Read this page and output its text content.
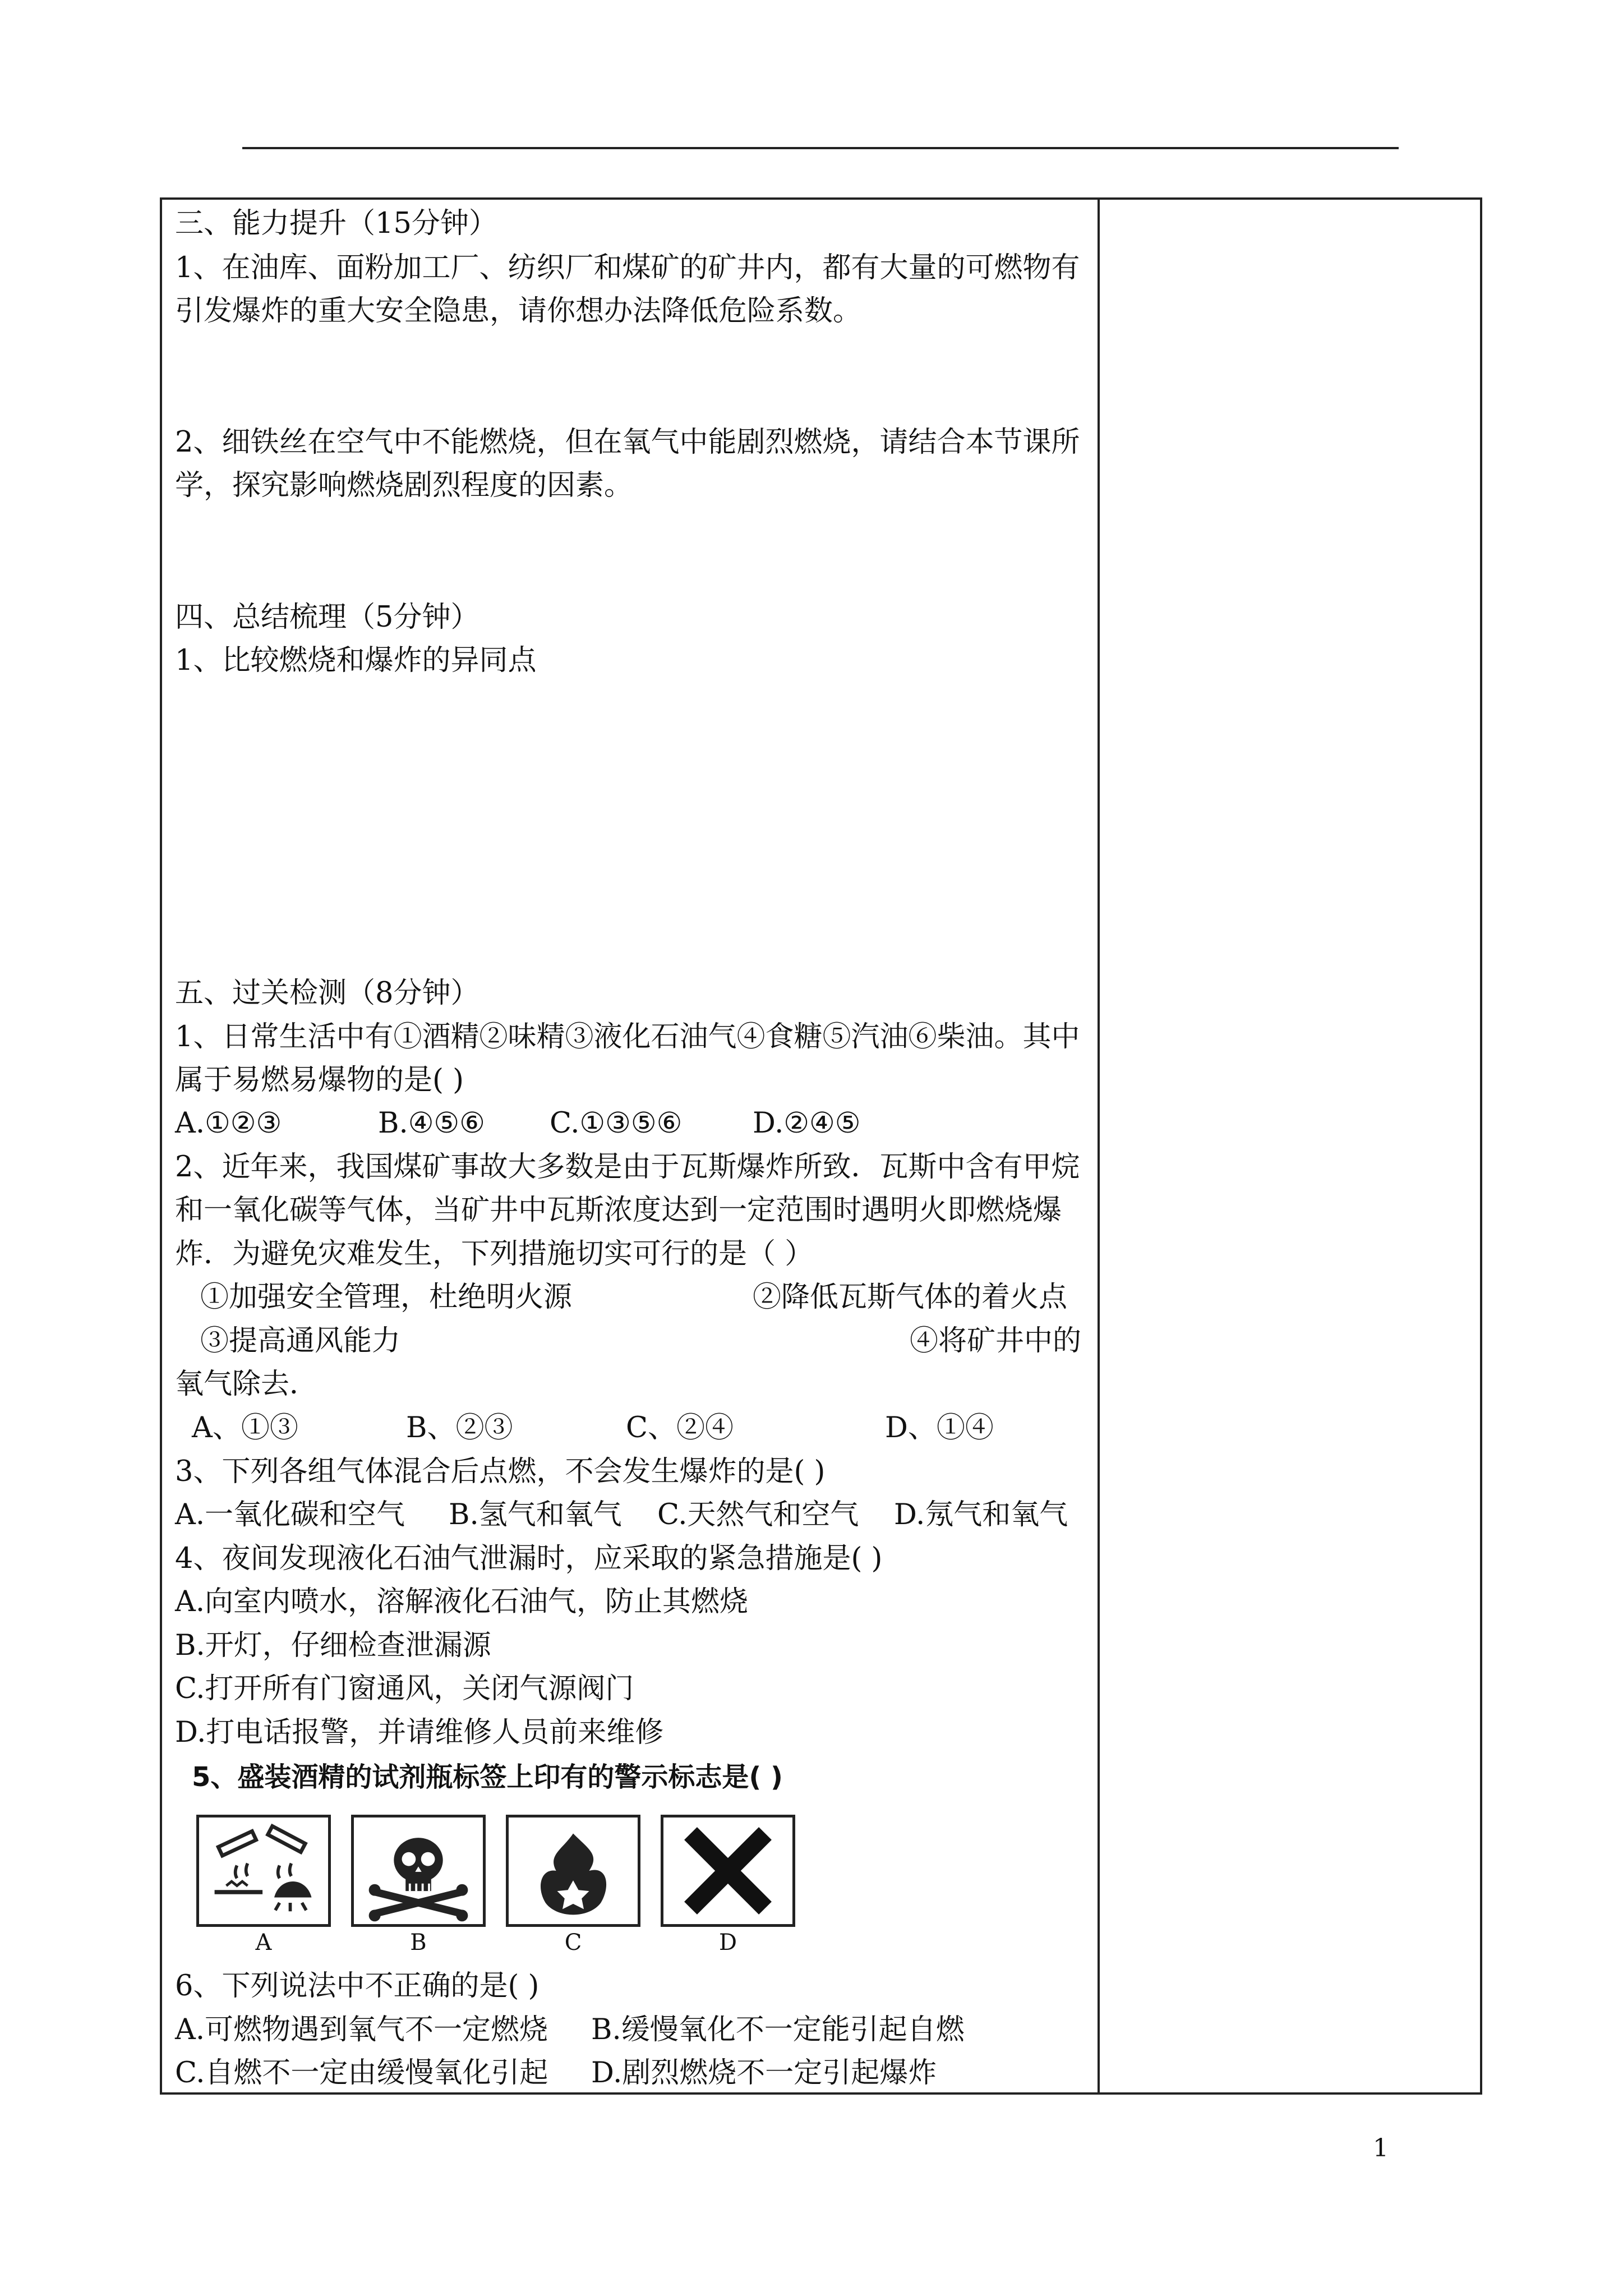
三、能力提升（15分钟）
1、在油库、面粉加工厂、纺织厂和煤矿的矿井内，都有大量的可燃物有
引发爆炸的重大安全隐患，请你想办法降低危险系数。
2、细铁丝在空气中不能燃烧，但在氧气中能剧烈燃烧，请结合本节课所
学，探究影响燃烧剧烈程度的因素。
四、总结梳理（5分钟）
1、比较燃烧和爆炸的异同点
五、过关检测（8分钟）
1、日常生活中有①酒精②味精③液化石油气④食糖⑤汽油⑥柴油。其中
属于易燃易爆物的是( )
A.①②③	B.④⑤⑥ C.①③⑤⑥ D.②④⑤
2、近年来，我国煤矿事故大多数是由于瓦斯爆炸所致．瓦斯中含有甲烷
和一氧化碳等气体，当矿井中瓦斯浓度达到一定范围时遇明火即燃烧爆
炸．为避免灾难发生，下列措施切实可行的是（ ）
①加强安全管理，杜绝明火源	②降低瓦斯气体的着火点
③提高通风能力	④将矿井中的
氧气除去．
A、①③	B、②③	C、②④	D、①④
3、下列各组气体混合后点燃，不会发生爆炸的是( )
A.一氧化碳和空气 B.氢气和氧气 C.天然气和空气 D.氖气和氧气
4、夜间发现液化石油气泄漏时，应采取的紧急措施是( )
A.向室内喷水，溶解液化石油气，防止其燃烧
B.开灯，仔细检查泄漏源
C.打开所有门窗通风，关闭气源阀门
D.打电话报警，并请维修人员前来维修
5、盛装酒精的试剂瓶标签上印有的警示标志是( )
A	B	C	D
6、下列说法中不正确的是( )
A.可燃物遇到氧气不一定燃烧 B.缓慢氧化不一定能引起自燃
C.自燃不一定由缓慢氧化引起 D.剧烈燃烧不一定引起爆炸
1
